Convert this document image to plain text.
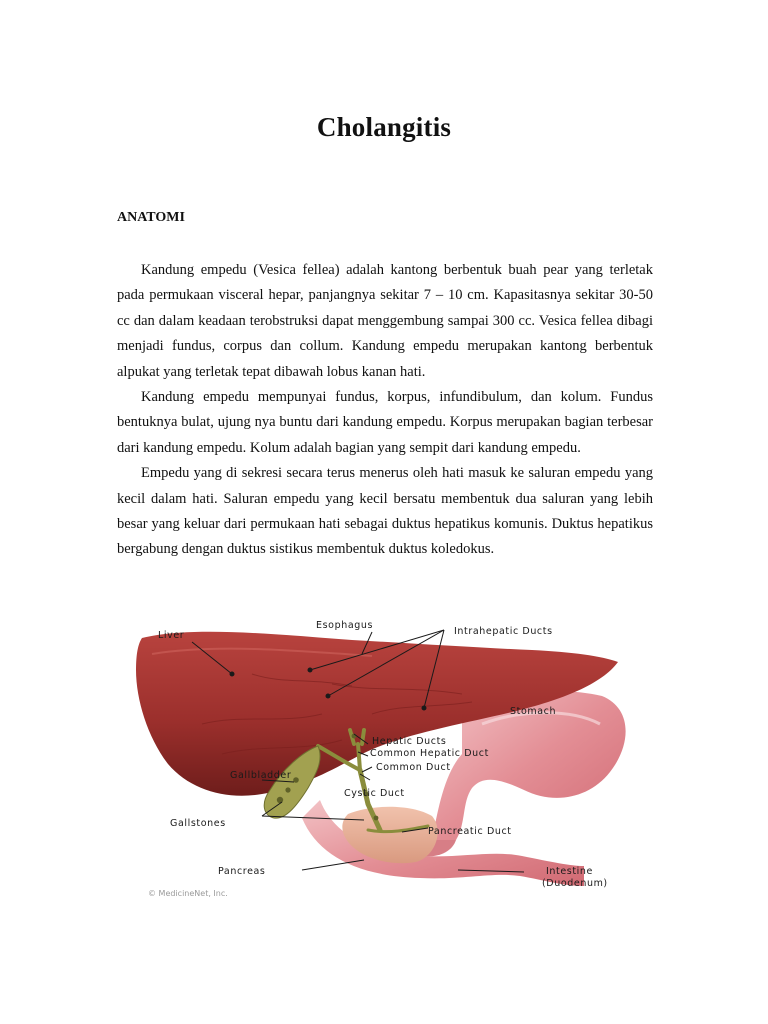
Cholangitis
ANATOMI

Kandung empedu (Vesica fellea) adalah kantong berbentuk buah pear yang terletak pada permukaan visceral hepar, panjangnya sekitar 7 – 10 cm. Kapasitasnya sekitar 30-50 cc dan dalam keadaan terobstruksi dapat menggembung sampai 300 cc. Vesica fellea dibagi menjadi fundus, corpus dan collum. Kandung empedu merupakan kantong berbentuk alpukat yang terletak tepat dibawah lobus kanan hati.

Kandung empedu mempunyai fundus, korpus, infundibulum, dan kolum. Fundus bentuknya bulat, ujung nya buntu dari kandung empedu. Korpus merupakan bagian terbesar dari kandung empedu. Kolum adalah bagian yang sempit dari kandung empedu.

Empedu yang di sekresi secara terus menerus oleh hati masuk ke saluran empedu yang kecil dalam hati. Saluran empedu yang kecil bersatu membentuk dua saluran yang lebih besar yang keluar dari permukaan hati sebagai duktus hepatikus komunis. Duktus hepatikus bergabung dengan duktus sistikus membentuk duktus koledokus.

Liver
Esophagus
Intrahepatic Ducts
Stomach
Hepatic Ducts
Common Hepatic Duct
Gallbladder
Common Duct
Cystic Duct
Gallstones
Pancreatic Duct
Pancreas	Intestine
(Duodenum)
© MedicineNet, Inc.
